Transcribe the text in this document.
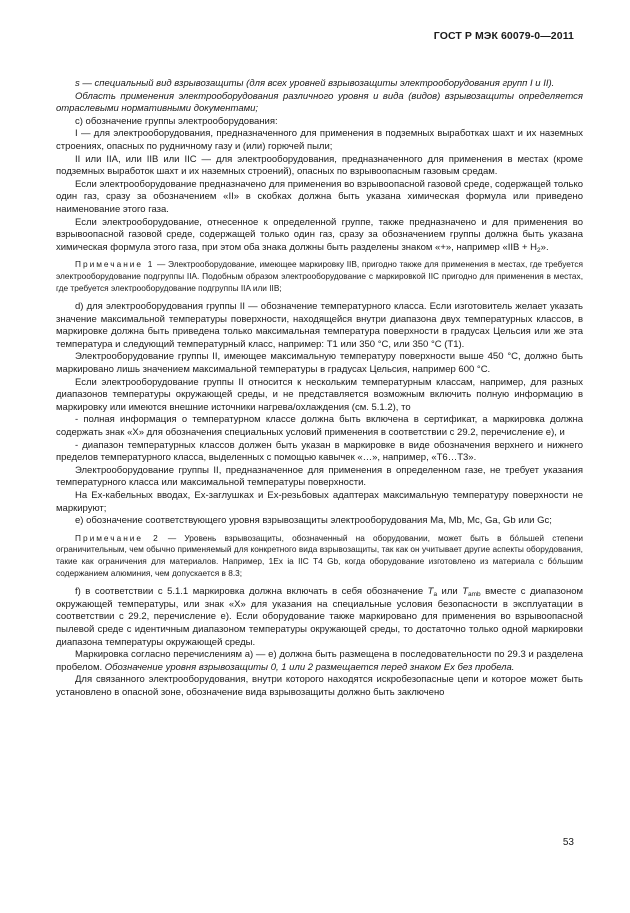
ГОСТ Р МЭК 60079-0—2011

s — специальный вид взрывозащиты (для всех уровней взрывозащиты электрооборудования групп I и II).

Область применения электрооборудования различного уровня и вида (видов) взрывозащиты определяется отраслевыми нормативными документами;

c) обозначение группы электрооборудования:

I — для электрооборудования, предназначенного для применения в подземных выработках шахт и их наземных строениях, опасных по рудничному газу и (или) горючей пыли;

II или IIA, или IIB или IIC — для электрооборудования, предназначенного для применения в местах (кроме подземных выработок шахт и их наземных строений), опасных по взрывоопасным газовым средам.

Если электрооборудование предназначено для применения во взрывоопасной газовой среде, содержащей только один газ, сразу за обозначением «II» в скобках должна быть указана химическая формула или приведено наименование этого газа.

Если электрооборудование, отнесенное к определенной группе, также предназначено и для применения во взрывоопасной газовой среде, содержащей только один газ, сразу за обозначением группы должна быть указана химическая формула этого газа, при этом оба знака должны быть разделены знаком «+», например «IIB + $H_2$».

Примечание 1 — Электрооборудование, имеющее маркировку IIB, пригодно также для применения в местах, где требуется электрооборудование подгруппы IIA. Подобным образом электрооборудование с маркировкой IIC пригодно для применения в местах, где требуется электрооборудование подгруппы IIA или IIB;

d) для электрооборудования группы II — обозначение температурного класса. Если изготовитель желает указать значение максимальной температуры поверхности, находящейся внутри диапазона двух температурных классов, в маркировке должна быть приведена только максимальная температура поверхности в градусах Цельсия или же эта температура и следующий температурный класс, например: T1 или 350 °C, или 350 °C (T1).

Электрооборудование группы II, имеющее максимальную температуру поверхности выше 450 °C, должно быть маркировано лишь значением максимальной температуры в градусах Цельсия, например 600 °C.

Если электрооборудование группы II относится к нескольким температурным классам, например, для разных диапазонов температуры окружающей среды, и не представляется возможным включить полную информацию в маркировку или имеются внешние источники нагрева/охлаждения (см. 5.1.2), то

- полная информация о температурном классе должна быть включена в сертификат, а маркировка должна содержать знак «X» для обозначения специальных условий применения в соответствии с 29.2, перечисление е), и

- диапазон температурных классов должен быть указан в маркировке в виде обозначения верхнего и нижнего пределов температурного класса, выделенных с помощью кавычек «…», например, «T6…T3».

Электрооборудование группы II, предназначенное для применения в определенном газе, не требует указания температурного класса или максимальной температуры поверхности.

На Ex-кабельных вводах, Ex-заглушках и Ex-резьбовых адаптерах максимальную температуру поверхности не маркируют;

е) обозначение соответствующего уровня взрывозащиты электрооборудования Ma, Mb, Mc, Ga, Gb или Gc;

Примечание 2 — Уровень взрывозащиты, обозначенный на оборудовании, может быть в бо́льшей степени ограничительным, чем обычно применяемый для конкретного вида взрывозащиты, так как он учитывает другие аспекты оборудования, такие как ограничения для материалов. Например, 1Ex ia IIC T4 Gb, когда оборудование изготовлено из материала с бо́льшим содержанием алюминия, чем допускается в 8.3;

f) в соответствии с 5.1.1 маркировка должна включать в себя обозначение $T_a$ или $T_{amb}$ вместе с диапазоном окружающей температуры, или знак «X» для указания на специальные условия безопасности в эксплуатации в соответствии с 29.2, перечисление е). Если оборудование также маркировано для применения во взрывоопасной пылевой среде с идентичным диапазоном температуры окружающей среды, то достаточно только одной маркировки диапазона температуры окружающей среды.

Маркировка согласно перечислениям а) — е) должна быть размещена в последовательности по 29.3 и разделена пробелом. Обозначение уровня взрывозащиты 0, 1 или 2 размещается перед знаком Ex без пробела.

Для связанного электрооборудования, внутри которого находятся искробезопасные цепи и которое может быть установлено в опасной зоне, обозначение вида взрывозащиты должно быть заключено

53
